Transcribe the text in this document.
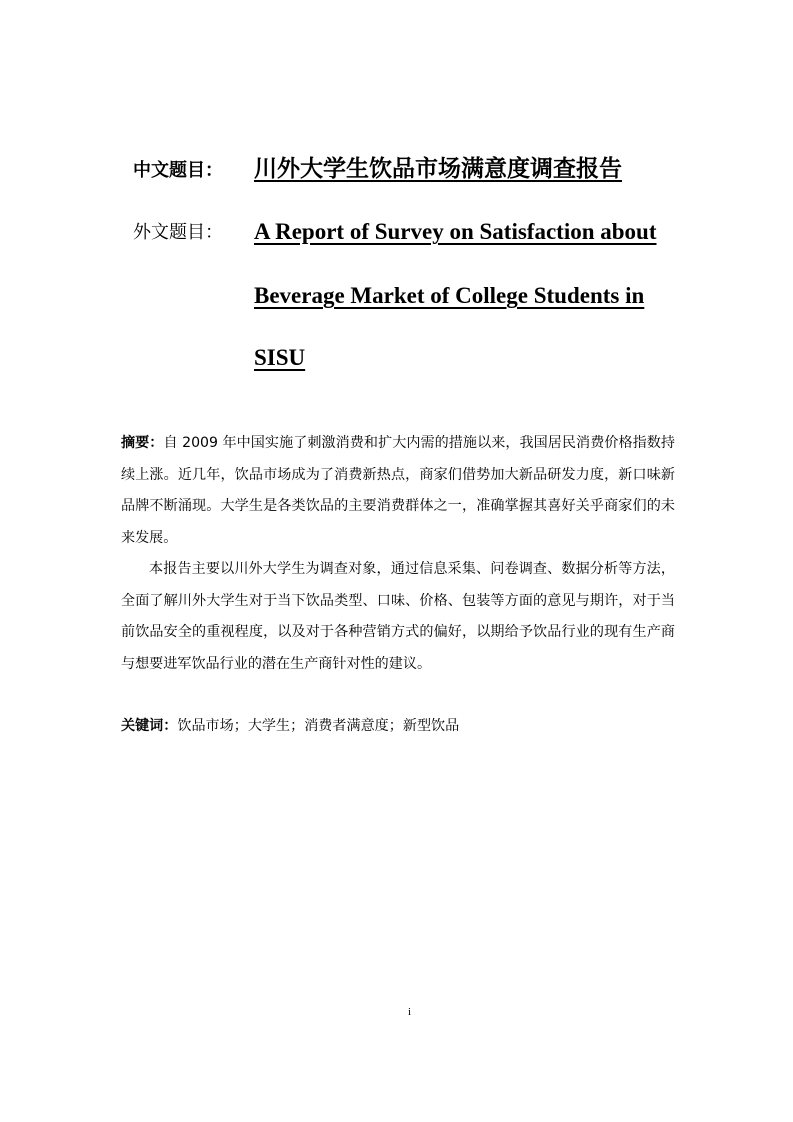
中文题目： 川外大学生饮品市场满意度调查报告
外文题目： A Report of Survey on Satisfaction about
Beverage Market of College Students in
SISU

摘要：自 2009 年中国实施了刺激消费和扩大内需的措施以来，我国居民消费价格指数持续上涨。近几年，饮品市场成为了消费新热点，商家们借势加大新品研发力度，新口味新品牌不断涌现。大学生是各类饮品的主要消费群体之一，准确掌握其喜好关乎商家们的未来发展。

本报告主要以川外大学生为调查对象，通过信息采集、问卷调查、数据分析等方法，全面了解川外大学生对于当下饮品类型、口味、价格、包装等方面的意见与期许，对于当前饮品安全的重视程度，以及对于各种营销方式的偏好，以期给予饮品行业的现有生产商与想要进军饮品行业的潜在生产商针对性的建议。

关键词：饮品市场；大学生；消费者满意度；新型饮品
i
